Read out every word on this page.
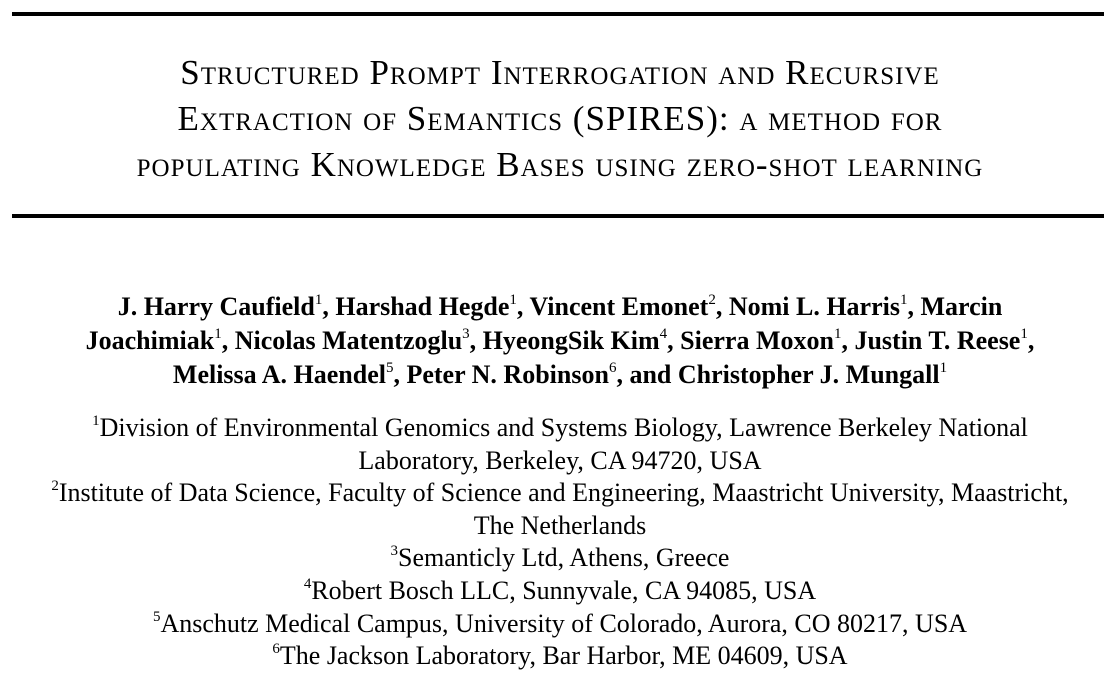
Structured Prompt Interrogation and Recursive
Extraction of Semantics (SPIRES): a method for
populating Knowledge Bases using zero-shot learning
J. Harry Caufield$^1$, Harshad Hegde$^1$, Vincent Emonet$^2$, Nomi L. Harris$^1$, Marcin
Joachimiak$^1$, Nicolas Matentzoglu$^3$, HyeongSik Kim$^4$, Sierra Moxon$^1$, Justin T. Reese$^1$,
Melissa A. Haendel$^5$, Peter N. Robinson$^6$, and Christopher J. Mungall$^1$
$^1$Division of Environmental Genomics and Systems Biology, Lawrence Berkeley National
Laboratory, Berkeley, CA 94720, USA
$^2$Institute of Data Science, Faculty of Science and Engineering, Maastricht University, Maastricht,
The Netherlands
$^3$Semanticly Ltd, Athens, Greece
$^4$Robert Bosch LLC, Sunnyvale, CA 94085, USA
$^5$Anschutz Medical Campus, University of Colorado, Aurora, CO 80217, USA
$^6$The Jackson Laboratory, Bar Harbor, ME 04609, USA
